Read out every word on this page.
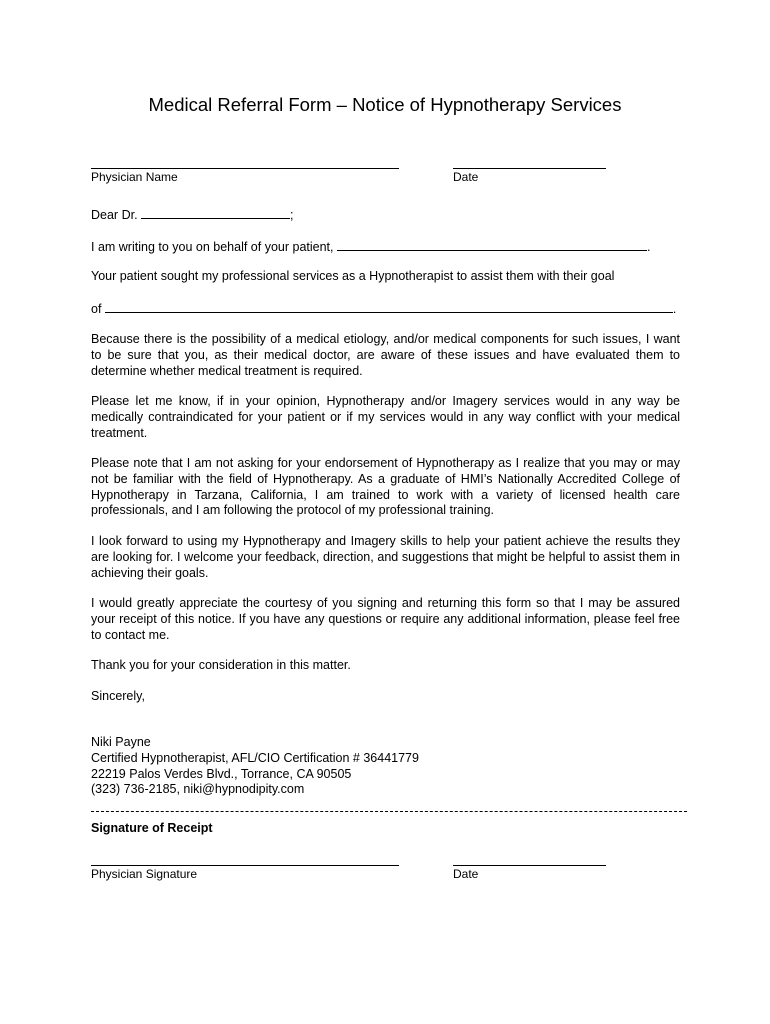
Medical Referral Form – Notice of Hypnotherapy Services
Physician Name	Date
Dear Dr.	;
I am writing to you on behalf of your patient,	.
Your patient sought my professional services as a Hypnotherapist to assist them with their goal
of	.
Because there is the possibility of a medical etiology, and/or medical components for such issues, I want to be sure that you, as their medical doctor, are aware of these issues and have evaluated them to determine whether medical treatment is required.
Please let me know, if in your opinion, Hypnotherapy and/or Imagery services would in any way be medically contraindicated for your patient or if my services would in any way conflict with your medical treatment.
Please note that I am not asking for your endorsement of Hypnotherapy as I realize that you may or may not be familiar with the field of Hypnotherapy. As a graduate of HMI’s Nationally Accredited College of Hypnotherapy in Tarzana, California, I am trained to work with a variety of licensed health care professionals, and I am following the protocol of my professional training.
I look forward to using my Hypnotherapy and Imagery skills to help your patient achieve the results they are looking for. I welcome your feedback, direction, and suggestions that might be helpful to assist them in achieving their goals.
I would greatly appreciate the courtesy of you signing and returning this form so that I may be assured your receipt of this notice. If you have any questions or require any additional information, please feel free to contact me.
Thank you for your consideration in this matter.
Sincerely,
Niki Payne
Certified Hypnotherapist, AFL/CIO Certification # 36441779
22219 Palos Verdes Blvd., Torrance, CA 90505
(323) 736-2185, niki@hypnodipity.com
Signature of Receipt
Physician Signature	Date
